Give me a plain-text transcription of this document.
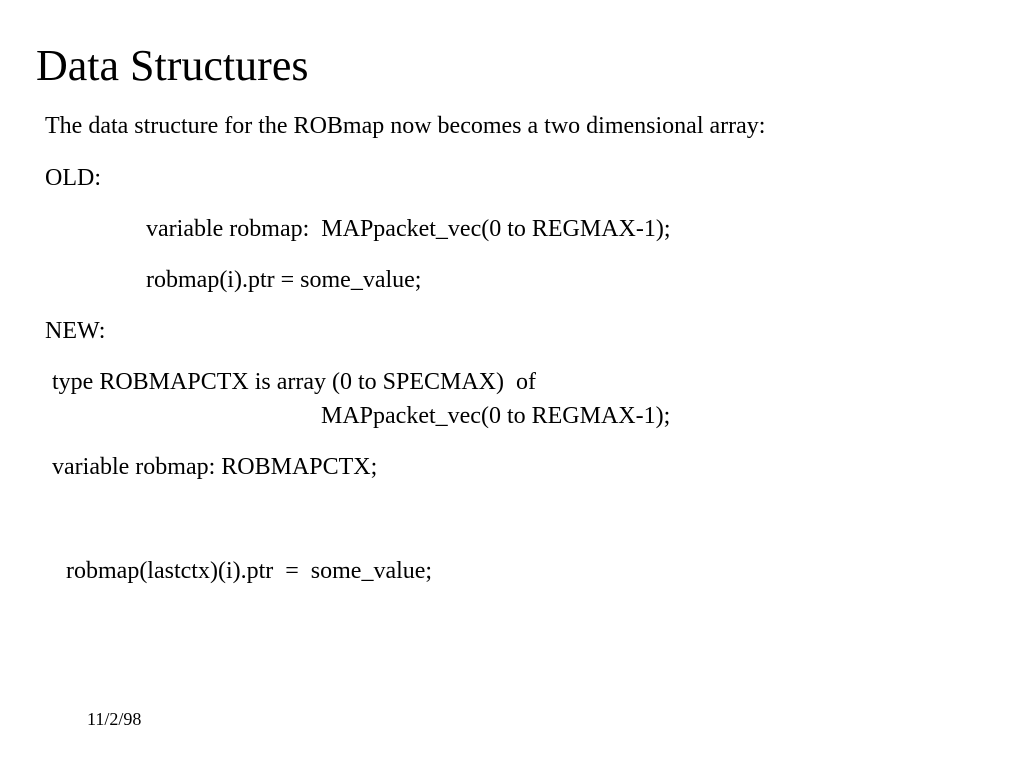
Data Structures
The data structure for the ROBmap now becomes a two dimensional array:
OLD:
variable robmap:  MAPpacket_vec(0 to REGMAX-1);
robmap(i).ptr = some_value;
NEW:
type ROBMAPCTX is array (0 to SPECMAX)  of
MAPpacket_vec(0 to REGMAX-1);
variable robmap: ROBMAPCTX;
robmap(lastctx)(i).ptr  =  some_value;
11/2/98
